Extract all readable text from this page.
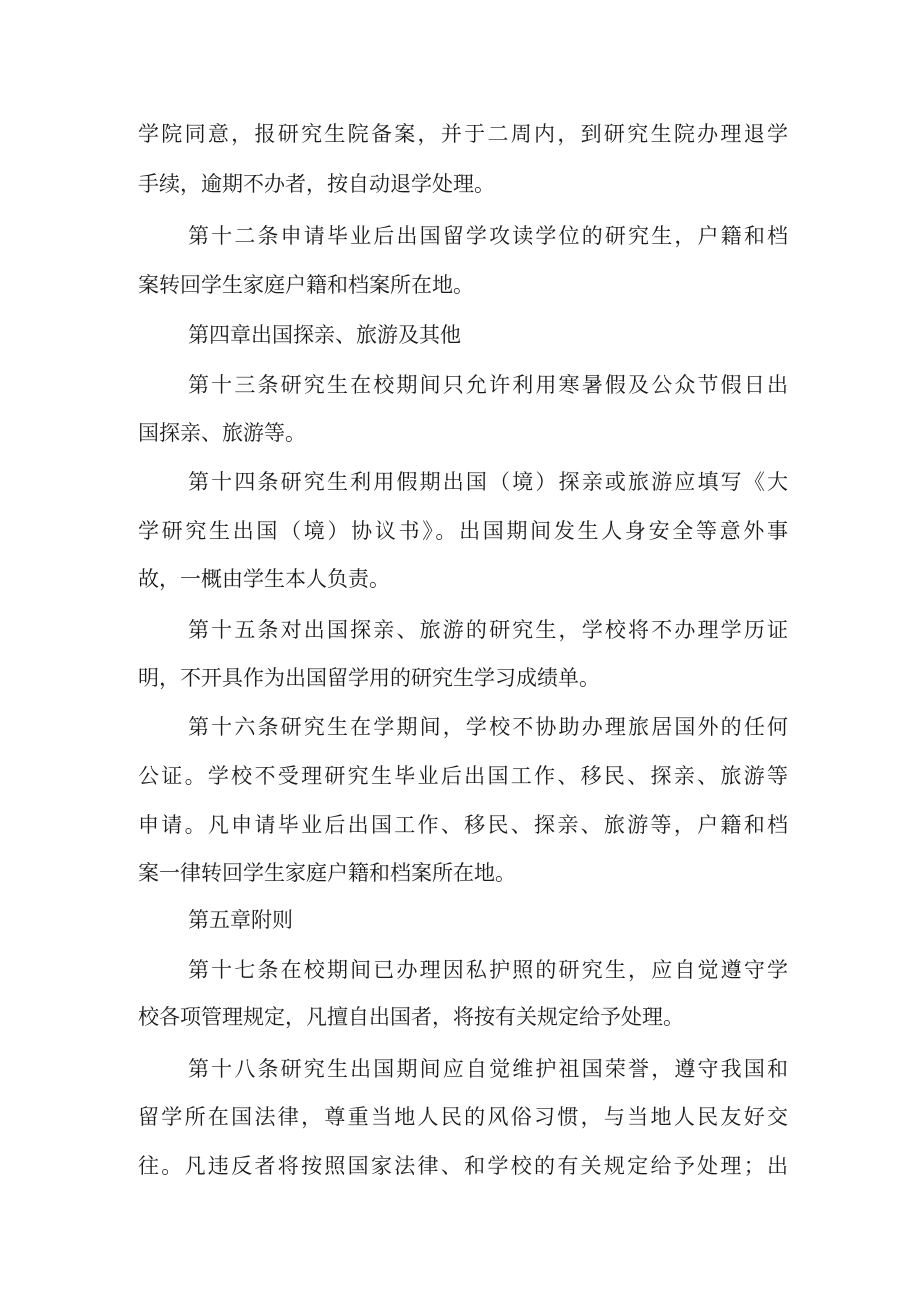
学院同意，报研究生院备案，并于二周内，到研究生院办理退学
手续，逾期不办者，按自动退学处理。
第十二条申请毕业后出国留学攻读学位的研究生，户籍和档
案转回学生家庭户籍和档案所在地。
第四章出国探亲、旅游及其他
第十三条研究生在校期间只允许利用寒暑假及公众节假日出
国探亲、旅游等。
第十四条研究生利用假期出国（境）探亲或旅游应填写《大
学研究生出国（境）协议书》。出国期间发生人身安全等意外事
故，一概由学生本人负责。
第十五条对出国探亲、旅游的研究生，学校将不办理学历证
明，不开具作为出国留学用的研究生学习成绩单。
第十六条研究生在学期间，学校不协助办理旅居国外的任何
公证。学校不受理研究生毕业后出国工作、移民、探亲、旅游等
申请。凡申请毕业后出国工作、移民、探亲、旅游等，户籍和档
案一律转回学生家庭户籍和档案所在地。
第五章附则
第十七条在校期间已办理因私护照的研究生，应自觉遵守学
校各项管理规定，凡擅自出国者，将按有关规定给予处理。
第十八条研究生出国期间应自觉维护祖国荣誉，遵守我国和
留学所在国法律，尊重当地人民的风俗习惯，与当地人民友好交
往。凡违反者将按照国家法律、和学校的有关规定给予处理；出
